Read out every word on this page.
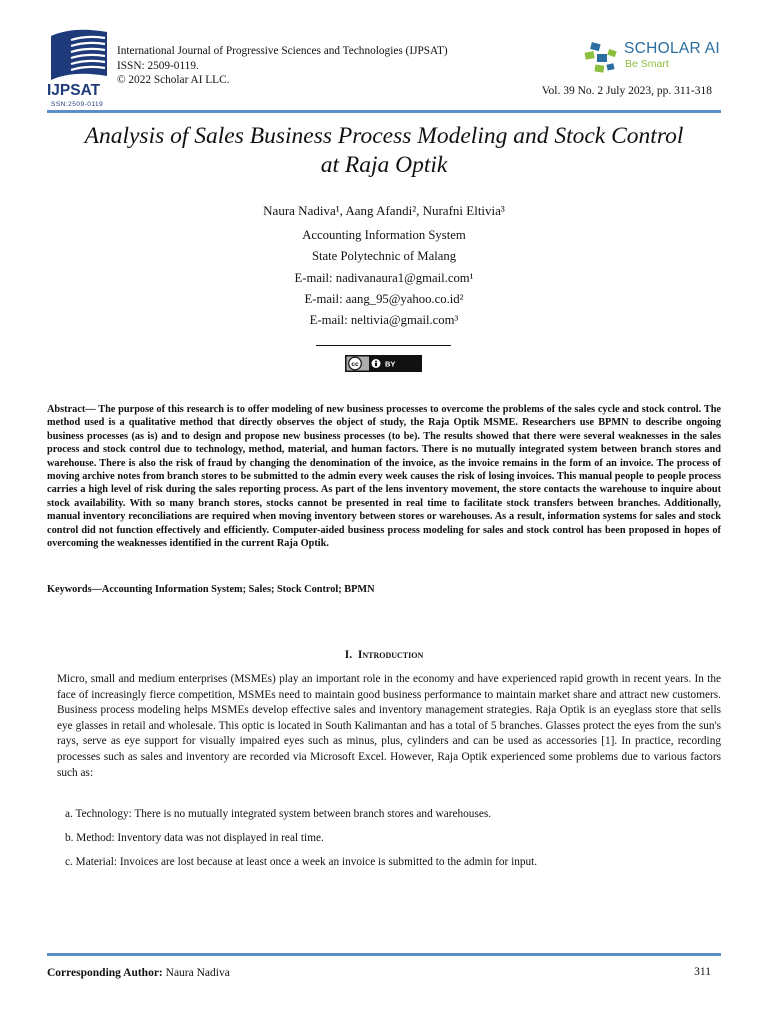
IJPSAT
SSN:2509-0119
International Journal of Progressive Sciences and Technologies (IJPSAT)
ISSN: 2509-0119.
© 2022 Scholar AI LLC.
SCHOLAR AI
Be Smart
Vol. 39 No. 2 July 2023, pp. 311-318
Analysis of Sales Business Process Modeling and Stock Control
at Raja Optik
Naura Nadiva¹, Aang Afandi², Nurafni Eltivia³
Accounting Information System
State Polytechnic of Malang
E-mail: nadivanaura1@gmail.com¹
E-mail: aang_95@yahoo.co.id²
E-mail: neltivia@gmail.com³
cc	BY
Abstract— The purpose of this research is to offer modeling of new business processes to overcome the problems of the sales cycle and stock control. The method used is a qualitative method that directly observes the object of study, the Raja Optik MSME. Researchers use BPMN to describe ongoing business processes (as is) and to design and propose new business processes (to be). The results showed that there were several weaknesses in the sales process and stock control due to technology, method, material, and human factors. There is no mutually integrated system between branch stores and warehouse. There is also the risk of fraud by changing the denomination of the invoice, as the invoice remains in the form of an invoice. The process of moving archive notes from branch stores to be submitted to the admin every week causes the risk of losing invoices. This manual people to people process carries a high level of risk during the sales reporting process. As part of the lens inventory movement, the store contacts the warehouse to inquire about stock availability. With so many branch stores, stocks cannot be presented in real time to facilitate stock transfers between branches. Additionally, manual inventory reconciliations are required when moving inventory between stores or warehouses. As a result, information systems for sales and stock control did not function effectively and efficiently. Computer-aided business process modeling for sales and stock control has been proposed in hopes of overcoming the weaknesses identified in the current Raja Optik.
Keywords—Accounting Information System; Sales; Stock Control; BPMN
I. Introduction
Micro, small and medium enterprises (MSMEs) play an important role in the economy and have experienced rapid growth in recent years. In the face of increasingly fierce competition, MSMEs need to maintain good business performance to maintain market share and attract new customers. Business process modeling helps MSMEs develop effective sales and inventory management strategies. Raja Optik is an eyeglass store that sells eye glasses in retail and wholesale. This optic is located in South Kalimantan and has a total of 5 branches. Glasses protect the eyes from the sun's rays, serve as eye support for visually impaired eyes such as minus, plus, cylinders and can be used as accessories [1]. In practice, recording processes such as sales and inventory are recorded via Microsoft Excel. However, Raja Optik experienced some problems due to various factors such as:
a. Technology: There is no mutually integrated system between branch stores and warehouses.
b. Method: Inventory data was not displayed in real time.
c. Material: Invoices are lost because at least once a week an invoice is submitted to the admin for input.
Corresponding Author: Naura Nadiva	311
